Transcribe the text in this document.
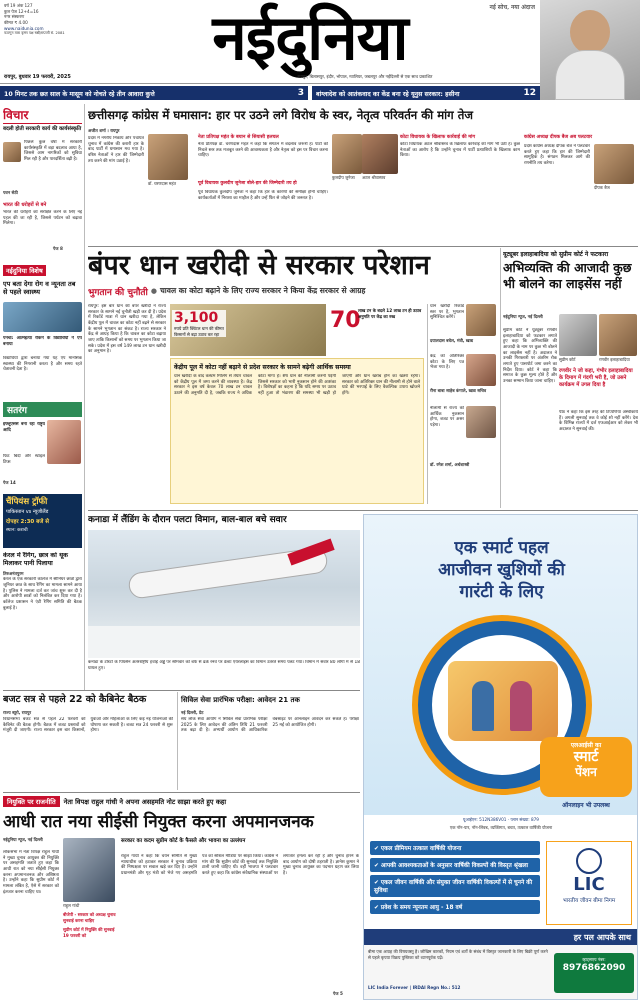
वर्ष 19 अंक 127
कुल पेज 12+4=16
नगर संस्करण
कीमत ₹ 4.00
www.naidunia.com
फाल्गुन मास कृष्ण पक्ष षष्ठी/सप्तमी सं. 2081	नईदुनिया	नई सोच, नया अंदाज
रायपुर, बुधवार 19 फरवरी, 2025	रायपुर, बिलासपुर, इंदौर, भोपाल, ग्वालियर, जबलपुर और नईदिल्ली से एक साथ प्रकाशित
10 मिनट तक छत साल के मासूम को नोचते रहे तीन आवारा कुत्ते	3 बांग्लादेश को आतंकवाद का केंद्र बना रहे यूनुस सरकार: हसीना	12
विचार
बदली होती सरकारी कार्य की कार्यसंस्कृति
पिछले कुछ वर्षों में सरकारी कार्यसंस्कृति में बड़ा बदलाव आया है, जिससे आम नागरिकों को सुविधा मिल रही है और पारदर्शिता बढ़ी है।
पवन सेठी
भारत की धरोहरों से बने
भारत की धरोहरों को संरक्षित करने के लिए नई पहल की जा रही है, जिससे पर्यटन को बढ़ावा मिलेगा।
पेज 8
नईदुनिया विशेष
एप बता देगा रोग व न्यूनता तब से पहले स्वास्थ्य
पनचा: आत्महत्या रोकने के विद्यार्थियों ने एप बनाया
विद्यार्थियों द्वारा बनाया गया यह एप मानसिक स्वास्थ्य की निगरानी करता है और समय रहते चेतावनी देता है।
सतरंग
इंफ्लूएंसर्स बना रहा राष्ट्र्य आदि
फिट बिंदी और स्टाइल टिप्स
पेज 14
चैंपियंस ट्रॉफी
पाकिस्तान vs न्यूजीलैंड
दोपहर 2:30 बजे से
स्थान: कराची
केरल में रैगिंग, छात्र को थूक मिलाकर पानी पिलाया
तिरुअनंतपुरम
केरल के एक सरकारी कॉलेज में सीनियर छात्रों द्वारा जूनियर छात्र के साथ रैगिंग का मामला सामने आया है। पुलिस ने मामला दर्ज कर जांच शुरू कर दी है और आरोपी छात्रों को निलंबित कर दिया गया है। कॉलेज प्रशासन ने एंटी रैगिंग समिति की बैठक बुलाई है।
छत्तीसगढ़ कांग्रेस में घमासान: हार पर उठने लगे विरोध के स्वर, नेतृत्व परिवर्तन की मांग तेज
अजीत शर्मा । रायपुर
प्रदेश में नगरीय निकाय और पंचायत चुनाव में कांग्रेस की करारी हार के बाद पार्टी में घमासान मच गया है। वरिष्ठ नेताओं ने हार की जिम्मेदारी तय करने की मांग उठाई है।
डॉ. चरणदास महंत
नेता प्रतिपक्ष महंत के बयान से सियासी हलचल
नेता प्रतिपक्ष डॉ. चरणदास महंत ने कहा कि संगठन में बदलाव जरूरी है। पार्टी को निचले स्तर तक मजबूत करने की आवश्यकता है और नेतृत्व को इस पर विचार करना चाहिए।
पूर्व विधायक कुलदीप जुनेजा बोले-हार की जिम्मेदारी तय हो
पूर्व विधायक कुलदीप जुनेजा ने कहा कि हार के कारणों की समीक्षा होनी चाहिए। कार्यकर्ताओं में निराशा का माहौल है और उन्हें फिर से जोड़ने की जरूरत है।
कुलदीप जुनेजा अटल श्रीवास्तव
कोटा विधायक के खिलाफ कार्रवाई की मांग
कोटा विधायक अटल श्रीवास्तव के खिलाफ कार्रवाई की मांग भी उठी है। कुछ नेताओं का आरोप है कि उन्होंने चुनाव में पार्टी प्रत्याशियों के खिलाफ काम किया।
कांग्रेस अध्यक्ष दीपक बैज अब पलटवार
दीपक बैज
प्रदेश कांग्रेस अध्यक्ष दीपक बैज ने पलटवार करते हुए कहा कि हार की जिम्मेदारी सामूहिक है। संगठन मिलकर आगे की रणनीति तय करेगा।
बंपर धान खरीदी से सरकार परेशान
भुगतान की चुनौती ● चावल का कोटा बढ़ाने के लिए राज्य सरकार ने किया केंद्र सरकार से आग्रह
रायपुर: इस बार धान की बंपर खरीदी ने राज्य सरकार के सामने नई चुनौती खड़ी कर दी है। प्रदेश में रिकॉर्ड मात्रा में धान खरीदा गया है, लेकिन केंद्रीय पूल में चावल का कोटा नहीं बढ़ने से सरकार के सामने भुगतान का संकट है। राज्य सरकार ने केंद्र से आग्रह किया है कि चावल का कोटा बढ़ाया जाए ताकि किसानों को समय पर भुगतान किया जा सके। प्रदेश में इस वर्ष 149 लाख टन धान खरीदी का अनुमान है।
3,100
रुपये प्रति क्विंटल धान की कीमत किसानों से बढ़ा उठाव कर रहा
70
लाख टन के बदले 12 लाख टन ही उठाव अनुमति पर केंद्र का रुख
केंद्रीय पूल में कोटा नहीं बढ़ाने से प्रदेश सरकार के सामने बढ़ेगी आर्थिक समस्या
धान खरीदी के बाद कस्टम मिलिंग से तैयार चावल को केंद्रीय पूल में जमा करने की व्यवस्था है। केंद्र सरकार ने इस वर्ष केवल 70 लाख टन चावल उठाने की अनुमति दी है, जबकि राज्य ने अधिक कोटा मांगा है। शेष धान की नीलामी करनी पड़ेगी जिससे सरकार को भारी नुकसान होने की आशंका है। विशेषज्ञों का कहना है कि यदि समय पर उठाव नहीं हुआ तो भंडारण की समस्या भी खड़ी हो जाएगी और धान खराब होने का खतरा रहेगा। सरकार को अतिरिक्त धान की नीलामी से होने वाले घाटे की भरपाई के लिए वैकल्पिक उपाय खोजने होंगे।
धान खरीदी रिकॉर्ड स्तर पर है, भुगतान सुनिश्चित करेंगे।
दयालदास बघेल, मंत्री, खाद्य
केंद्र को अतिरिक्त कोटा के लिए पत्र भेजा गया है।
रीना बाबा साहेब कंगाले, खाद्य सचिव
नीलामी से राज्य को आर्थिक नुकसान होगा, बजट पर असर पड़ेगा।
डॉ. रमेश शर्मा, अर्थशास्त्री
यूट्यूबर इलाहाबादिया को सुप्रीम कोर्ट ने फटकारा
अभिव्यक्ति की आजादी कुछ भी बोलने का लाइसेंस नहीं
सुप्रीम कोर्ट	रणवीर इलाहाबादिया
नईदुनिया न्यूज, नई दिल्ली
सुप्रीम कोर्ट ने यूट्यूबर रणवीर इलाहाबादिया को फटकार लगाते हुए कहा कि अभिव्यक्ति की आजादी के नाम पर कुछ भी बोलने का लाइसेंस नहीं है। अदालत ने उनकी गिरफ्तारी पर अंतरिम रोक लगाते हुए पासपोर्ट जमा करने का निर्देश दिया। कोर्ट ने कहा कि समाज के कुछ मूल्य होते हैं और उनका सम्मान किया जाना चाहिए।
रणवीर ने जो कहा, गंभीर इलाहाबादिया के दिमाग में गंदगी भरी है, जो उसने कार्यक्रम में उगल दिया है
पीठ ने कहा कि इस तरह की टिप्पणियां अस्वीकार्य हैं। अगली सुनवाई तक वे कोई शो नहीं करेंगे। देश के विभिन्न राज्यों में दर्ज एफआईआर को लेकर भी अदालत ने सुनवाई की।
कनाडा में लैंडिंग के दौरान पलटा विमान, बाल-बाल बचे सवार
कनाडा के टोरंटो के पियर्सन अंतरराष्ट्रीय हवाई अड्डे पर सोमवार को बर्फ से ढके रनवे पर डेल्टा एयरलाइंस का विमान उतरते समय पलट गया। विमान में सवार 80 लोगों में से 18 घायल हुए।
बजट सत्र से पहले 22 को कैबिनेट बैठक
राज्य ब्यूरो, रायपुर
विधानसभा बजट सत्र से पहले 22 फरवरी को कैबिनेट की बैठक होगी। बैठक में बजट प्रस्तावों को मंजूरी दी जाएगी। राज्य सरकार इस बार किसानों, युवाओं और महिलाओं के लिए कई नई योजनाओं की घोषणा कर सकती है। बजट सत्र 24 फरवरी से शुरू होगा।
सिविल सेवा प्रारंभिक परीक्षा: आवेदन 21 तक
नई दिल्ली, प्रेट
संघ लोक सेवा आयोग ने सिविल सेवा प्रारंभिक परीक्षा 2025 के लिए आवेदन की अंतिम तिथि 21 फरवरी तक बढ़ा दी है। अभ्यर्थी आयोग की आधिकारिक वेबसाइट पर ऑनलाइन आवेदन कर सकते हैं। परीक्षा 25 मई को आयोजित होगी।
नियुक्ति पर राजनीति	नेता विपक्ष राहुल गांधी ने अपना असहमति नोट साझा करते हुए कहा
आधी रात नया सीईसी नियुक्त करना अपमानजनक
नईदुनिया न्यूज, नई दिल्ली
लोकसभा में नेता विपक्ष राहुल गांधी ने मुख्य चुनाव आयुक्त की नियुक्ति पर असहमति जताते हुए कहा कि आधी रात को नया सीईसी नियुक्त करना अपमानजनक और अशिष्टता है। उन्होंने कहा कि सुप्रीम कोर्ट में मामला लंबित है, ऐसे में सरकार को इंतजार करना चाहिए था।
राहुल गांधी
बीजेपी - सरकार को अध्यक्ष चुनाव सुनवाई करना चाहिए
सुप्रीम कोर्ट में नियुक्ति की सुनवाई 19 फरवरी को
सरकार का कदम सुप्रीम कोर्ट के फैसले और भावना का उल्लंघन
राहुल गांधी ने कहा कि चयन समिति से मुख्य न्यायाधीश को हटाकर सरकार ने चुनाव प्रक्रिया की निष्पक्षता पर सवाल खड़े कर दिए हैं। उन्होंने प्रधानमंत्री और गृह मंत्री को भेजे गए असहमति पत्र को सोशल मीडिया पर साझा किया। कांग्रेस ने मांग की कि सुप्रीम कोर्ट की सुनवाई तक नियुक्ति टाली जानी चाहिए थी। वहीं भाजपा ने पलटवार करते हुए कहा कि कांग्रेस संवैधानिक संस्थाओं पर लगातार हमला कर रही है और चुनाव हारने के बाद आयोग को दोषी ठहराती है। ज्ञानेश कुमार ने मुख्य चुनाव आयुक्त का पदभार ग्रहण कर लिया है।
पेज 5
एक स्मार्ट पहल
आजीवन खुशियों की
गारंटी के लिए
एलआईसी का
स्मार्ट
पेंशन
ऑनलाइन भी उपलब्ध
यूआईएन: 512N386V01 · प्लान संख्या: 879
एक नॉन-पार, नॉन-लिंक्ड, व्यक्तिगत, बचत, तत्काल वार्षिकी योजना
✔ एकल प्रीमियम तत्काल वार्षिकी योजना
✔ आपकी आवश्यकताओं के अनुसार वार्षिकी विकल्पों की विस्तृत श्रृंखला
✔ एकल जीवन वार्षिकी और संयुक्त जीवन वार्षिकी विकल्पों में से चुनने की सुविधा
✔ प्रवेश के समय न्यूनतम आयु - 18 वर्ष
LIC
भारतीय जीवन बीमा निगम
हर पल आपके साथ
बीमा एक आग्रह की विषयवस्तु है। जोखिम कारकों, नियम एवं शर्तों के संबंध में विस्तृत जानकारी के लिए बिक्री पूर्ण करने से पहले कृपया विक्रय पुस्तिका को ध्यानपूर्वक पढ़ें।
LIC India Forever | IRDAI Regn No.: 512
व्हाट्सएप नंबर:
8976862090
